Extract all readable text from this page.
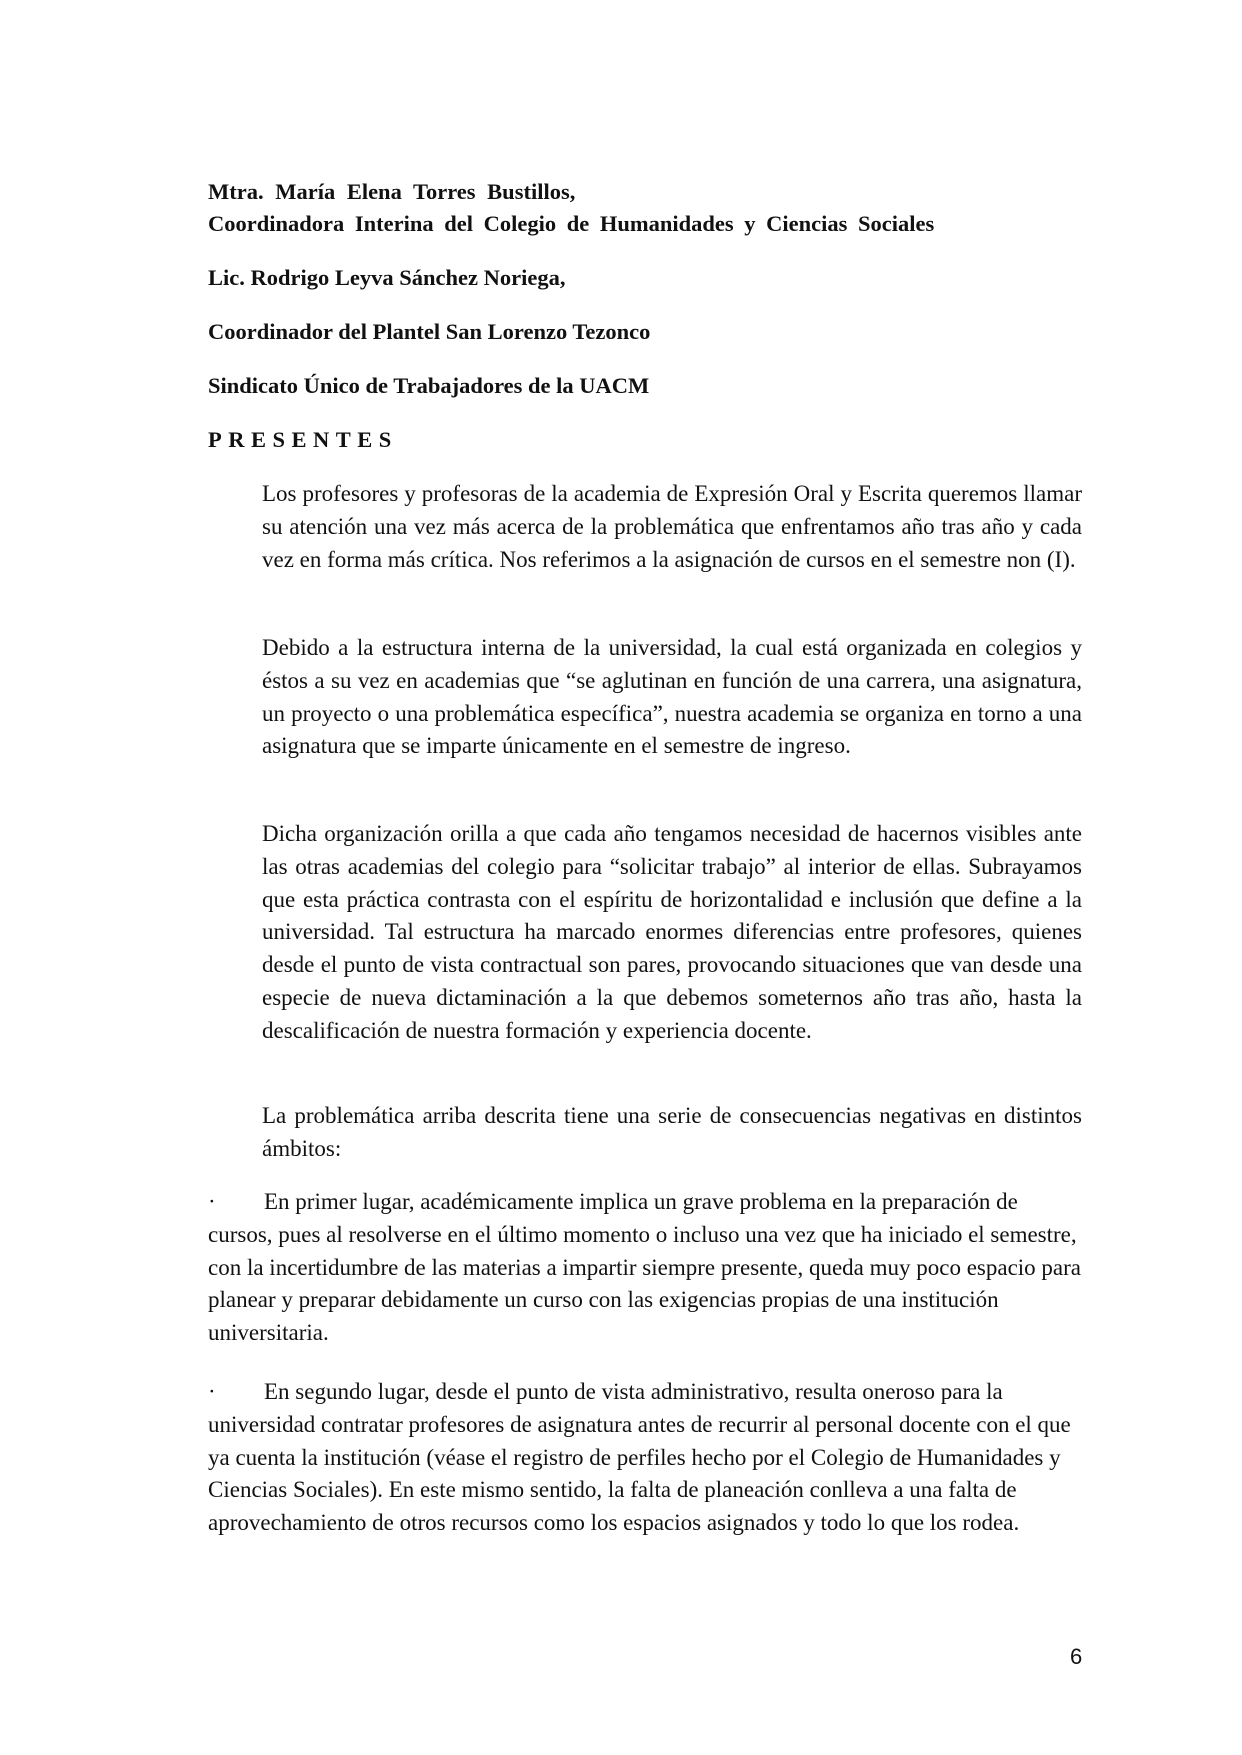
Mtra. María Elena Torres Bustillos,

Coordinadora Interina del Colegio de Humanidades y Ciencias Sociales

Lic. Rodrigo Leyva Sánchez Noriega,

Coordinador del Plantel San Lorenzo Tezonco

Sindicato Único de Trabajadores de la UACM

PRESENTES

Los profesores y profesoras de la academia de Expresión Oral y Escrita queremos llamar su atención una vez más acerca de la problemática que enfrentamos año tras año y cada vez en forma más crítica. Nos referimos a la asignación de cursos en el semestre non (I).

Debido a la estructura interna de la universidad, la cual está organizada en colegios y éstos a su vez en academias que “se aglutinan en función de una carrera, una asignatura, un proyecto o una problemática específica”, nuestra academia se organiza en torno a una asignatura que se imparte únicamente en el semestre de ingreso.

Dicha organización orilla a que cada año tengamos necesidad de hacernos visibles ante las otras academias del colegio para “solicitar trabajo” al interior de ellas. Subrayamos que esta práctica contrasta con el espíritu de horizontalidad e inclusión que define a la universidad. Tal estructura ha marcado enormes diferencias entre profesores, quienes desde el punto de vista contractual son pares, provocando situaciones que van desde una especie de nueva dictaminación a la que debemos someternos año tras año, hasta la descalificación de nuestra formación y experiencia docente.

La problemática arriba descrita tiene una serie de consecuencias negativas en distintos ámbitos:

· En primer lugar, académicamente implica un grave problema en la preparación de cursos, pues al resolverse en el último momento o incluso una vez que ha iniciado el semestre, con la incertidumbre de las materias a impartir siempre presente, queda muy poco espacio para planear y preparar debidamente un curso con las exigencias propias de una institución universitaria.

· En segundo lugar, desde el punto de vista administrativo, resulta oneroso para la universidad contratar profesores de asignatura antes de recurrir al personal docente con el que ya cuenta la institución (véase el registro de perfiles hecho por el Colegio de Humanidades y Ciencias Sociales). En este mismo sentido, la falta de planeación conlleva a una falta de aprovechamiento de otros recursos como los espacios asignados y todo lo que los rodea.

6
